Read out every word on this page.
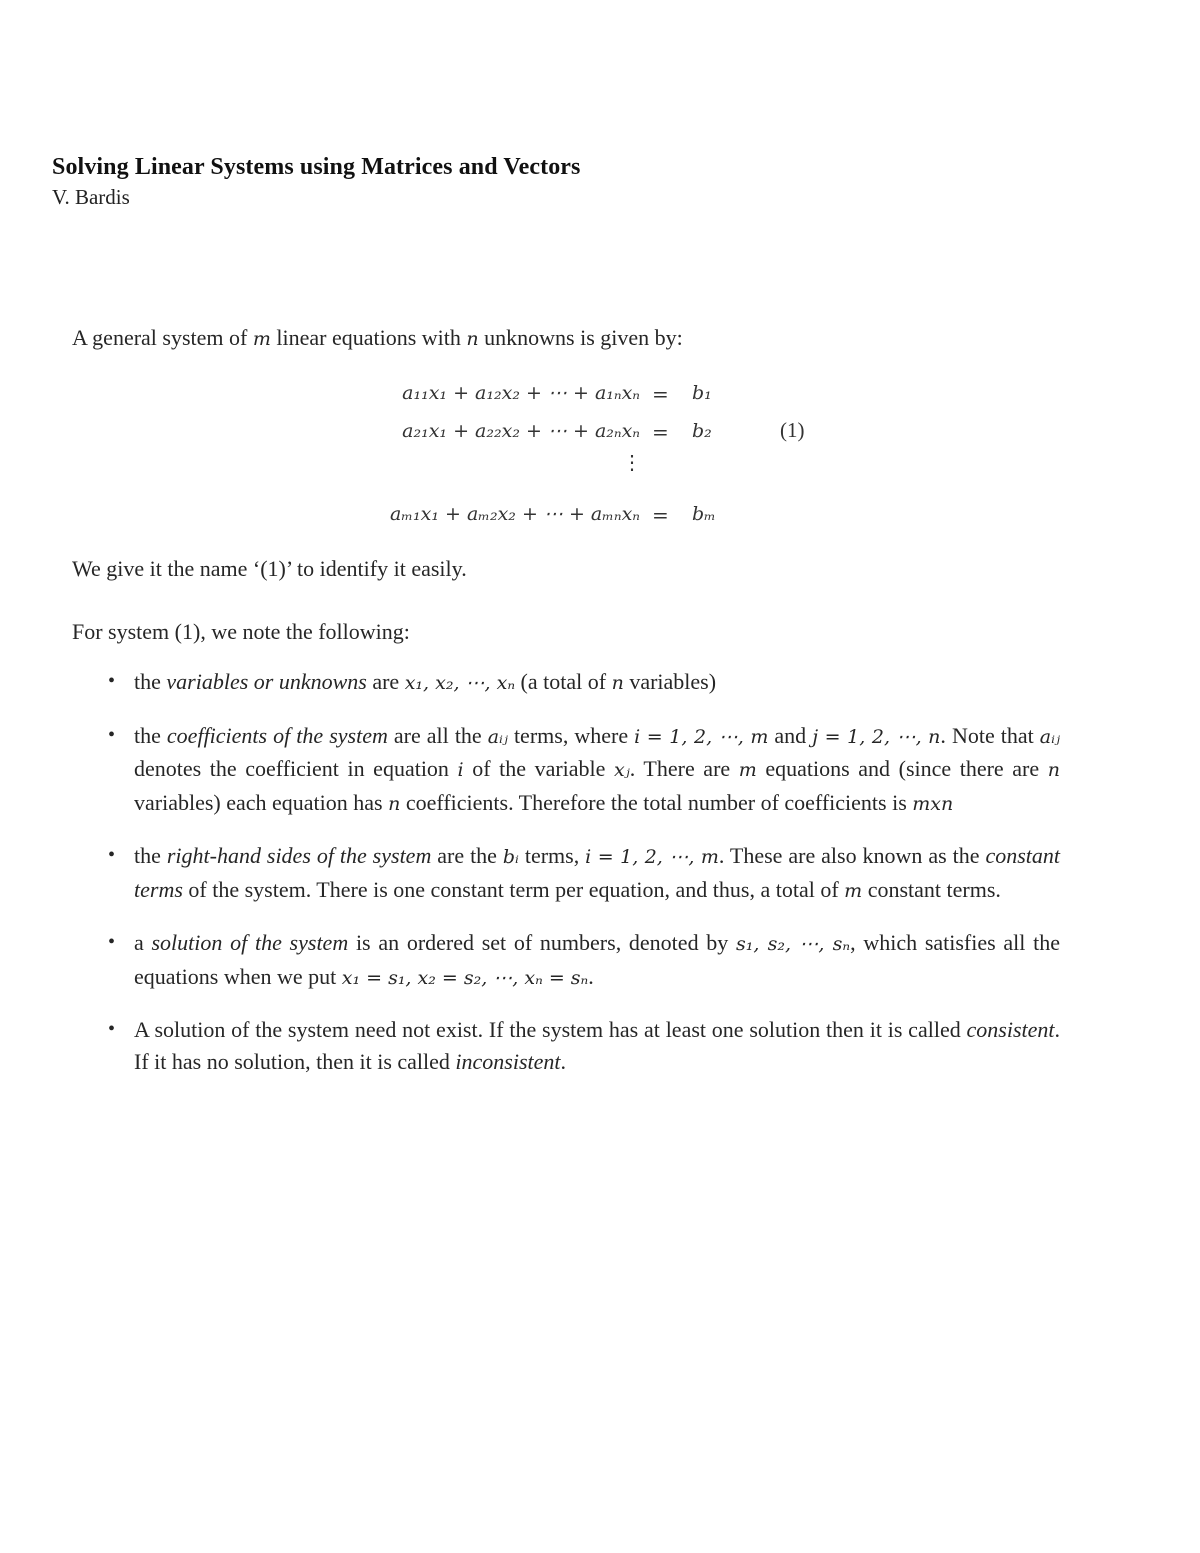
Solving Linear Systems using Matrices and Vectors
V. Bardis
A general system of m linear equations with n unknowns is given by:
a₁₁x₁ + a₁₂x₂ + ⋯ + a₁ₙxₙ = b₁
a₂₁x₁ + a₂₂x₂ + ⋯ + a₂ₙxₙ = b₂	(1)
⋮
aₘ₁x₁ + aₘ₂x₂ + ⋯ + aₘₙxₙ = bₘ
We give it the name ‘(1)’ to identify it easily.
For system (1), we note the following:
• the variables or unknowns are x₁, x₂, ⋯, xₙ (a total of n variables)
• the coefficients of the system are all the aᵢⱼ terms, where i = 1, 2, ⋯, m and j = 1, 2, ⋯, n. Note that aᵢⱼ denotes the coefficient in equation i of the variable xⱼ. There are m equations and (since there are n variables) each equation has n coefficients. Therefore the total number of coefficients is mxn
• the right-hand sides of the system are the bᵢ terms, i = 1, 2, ⋯, m. These are also known as the constant terms of the system. There is one constant term per equation, and thus, a total of m constant terms.
• a solution of the system is an ordered set of numbers, denoted by s₁, s₂, ⋯, sₙ, which satisfies all the equations when we put x₁ = s₁, x₂ = s₂, ⋯, xₙ = sₙ.
• A solution of the system need not exist. If the system has at least one solution then it is called consistent. If it has no solution, then it is called inconsistent.
